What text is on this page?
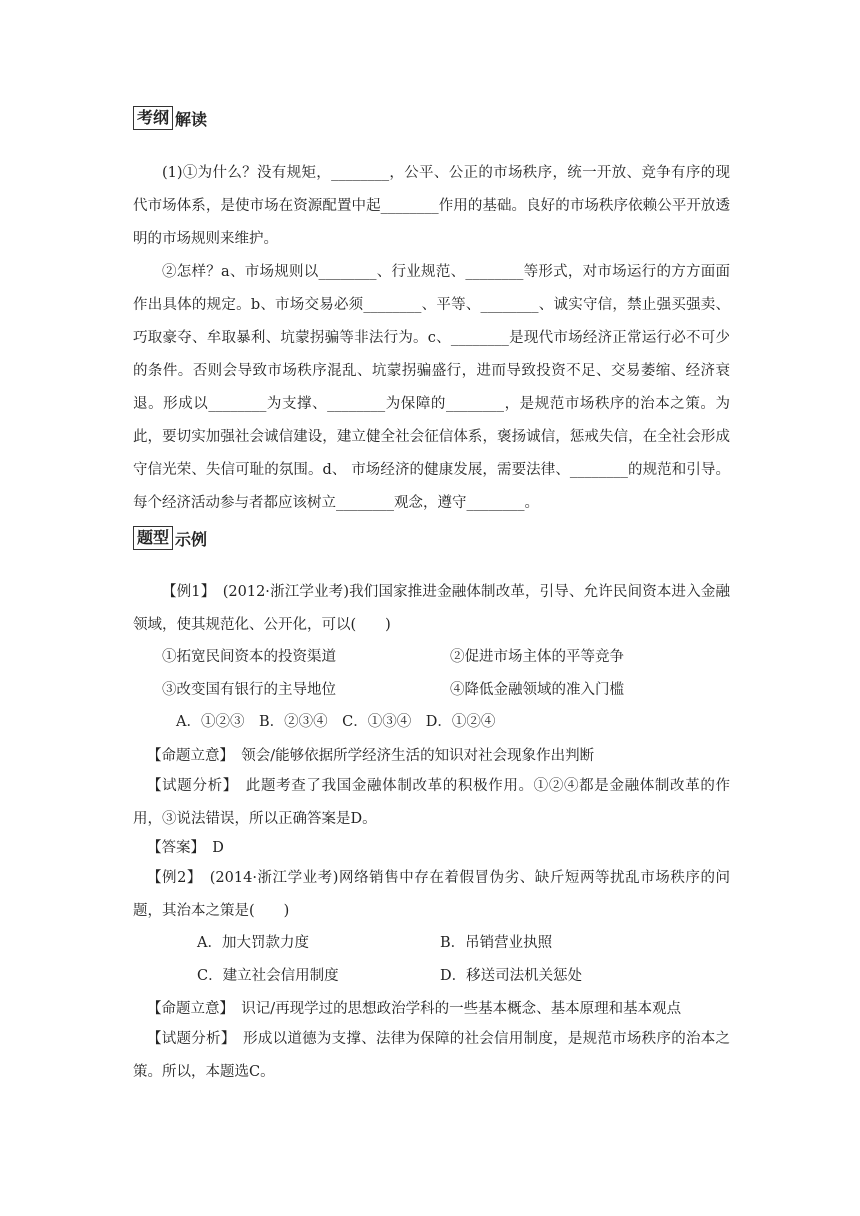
考纲 解读
(1)①为什么？没有规矩，________，公平、公正的市场秩序，统一开放、竞争有序的现代市场体系，是使市场在资源配置中起________作用的基础。良好的市场秩序依赖公平开放透明的市场规则来维护。
②怎样？a、市场规则以________、行业规范、________等形式，对市场运行的方方面面作出具体的规定。b、市场交易必须________、平等、________、诚实守信，禁止强买强卖、巧取豪夺、牟取暴利、坑蒙拐骗等非法行为。c、________是现代市场经济正常运行必不可少的条件。否则会导致市场秩序混乱、坑蒙拐骗盛行，进而导致投资不足、交易萎缩、经济衰退。形成以________为支撑、________为保障的________，是规范市场秩序的治本之策。为此，要切实加强社会诚信建设，建立健全社会征信体系，褒扬诚信，惩戒失信，在全社会形成守信光荣、失信可耻的氛围。d、 市场经济的健康发展，需要法律、________的规范和引导。每个经济活动参与者都应该树立________观念，遵守________。
题型 示例
【例1】　(2012·浙江学业考)我们国家推进金融体制改革，引导、允许民间资本进入金融领域，使其规范化、公开化，可以(　　)
①拓宽民间资本的投资渠道	②促进市场主体的平等竞争
③改变国有银行的主导地位	④降低金融领域的准入门槛
A．①②③　B．②③④　C．①③④　D．①②④
【命题立意】　领会/能够依据所学经济生活的知识对社会现象作出判断
【试题分析】　此题考查了我国金融体制改革的积极作用。①②④都是金融体制改革的作用，③说法错误，所以正确答案是D。
【答案】　D
【例2】　(2014·浙江学业考)网络销售中存在着假冒伪劣、缺斤短两等扰乱市场秩序的问题，其治本之策是(　　)
A．加大罚款力度	B．吊销营业执照
C．建立社会信用制度	D．移送司法机关惩处
【命题立意】　识记/再现学过的思想政治学科的一些基本概念、基本原理和基本观点
【试题分析】　形成以道德为支撑、法律为保障的社会信用制度，是规范市场秩序的治本之策。所以，本题选C。
